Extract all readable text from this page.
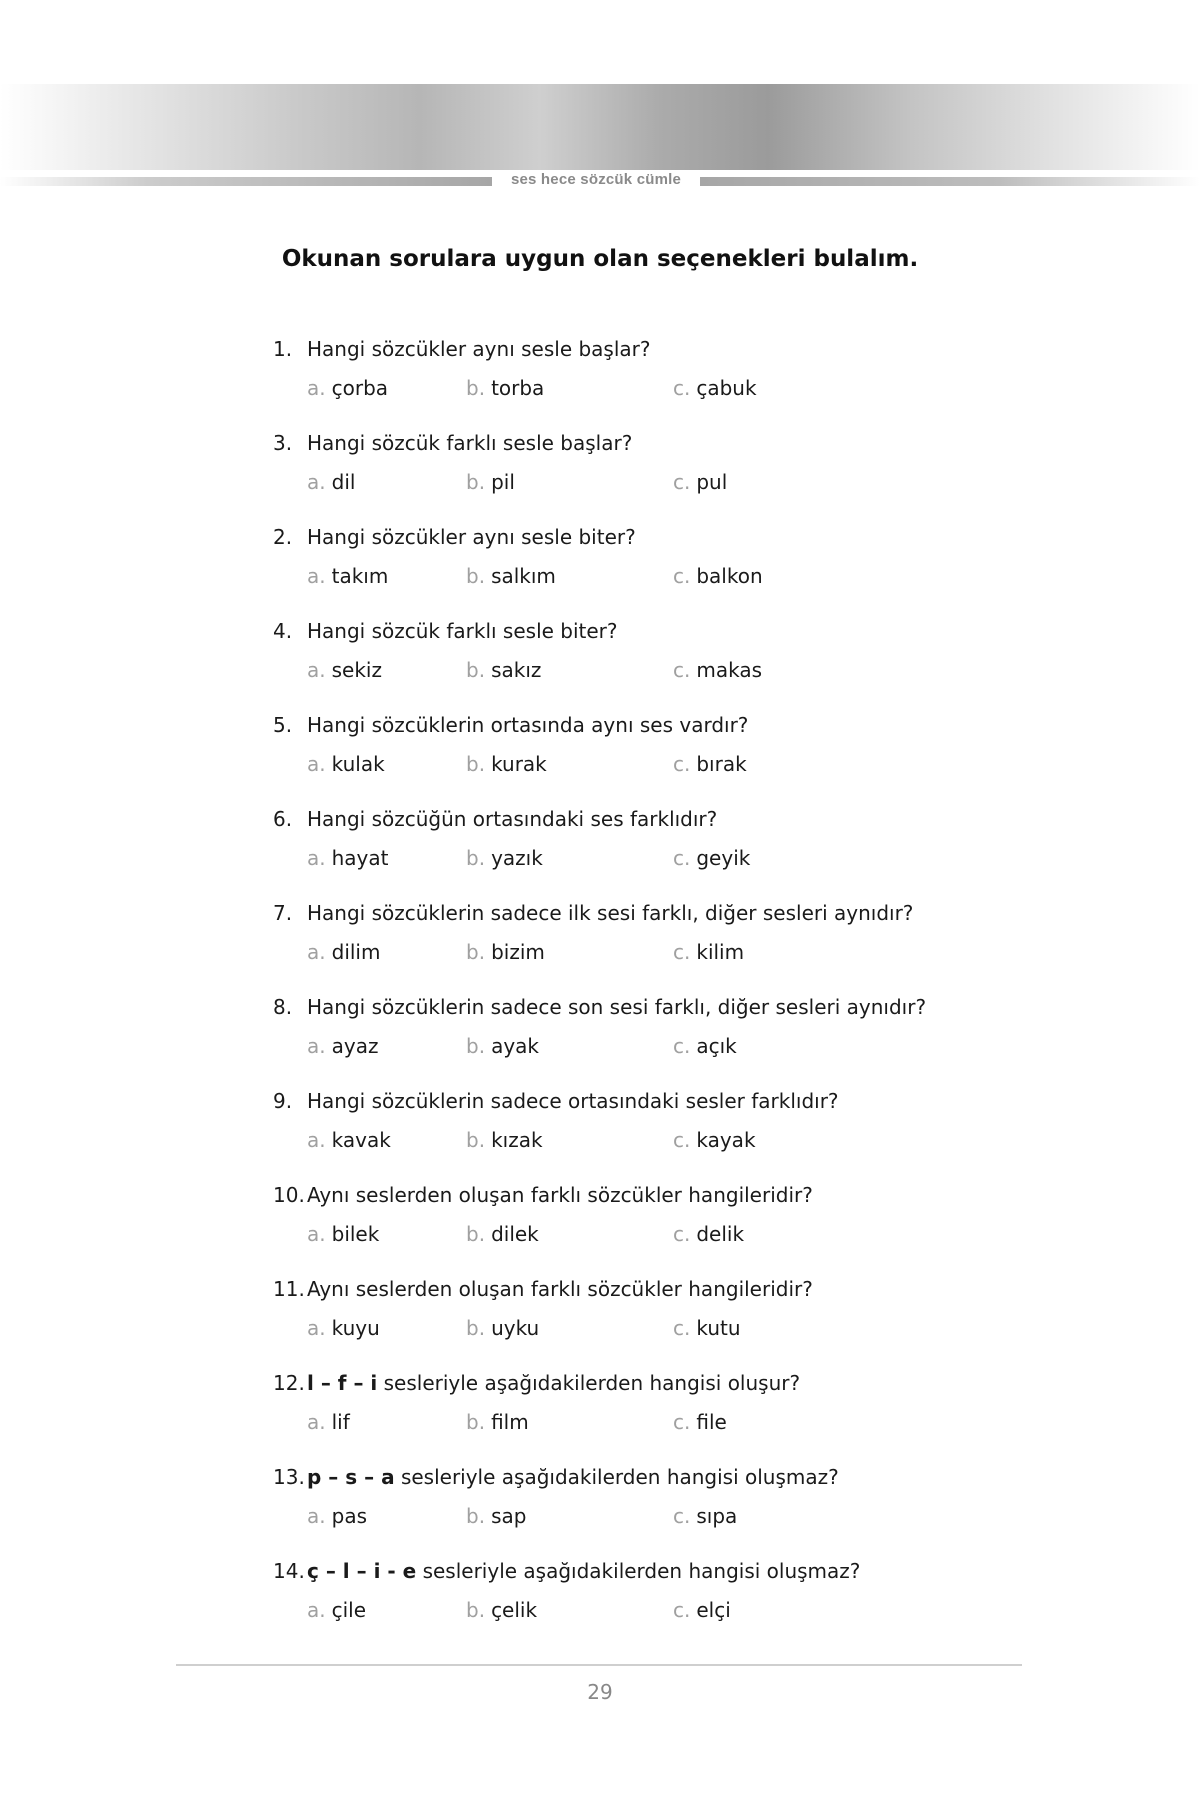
ses hece sözcük cümle
Okunan sorulara uygun olan seçenekleri bulalım.
1. Hangi sözcükler aynı sesle başlar?
a. çorba	b. torba	c. çabuk
3. Hangi sözcük farklı sesle başlar?
a. dil	b. pil	c. pul
2. Hangi sözcükler aynı sesle biter?
a. takım	b. salkım	c. balkon
4. Hangi sözcük farklı sesle biter?
a. sekiz	b. sakız	c. makas
5. Hangi sözcüklerin ortasında aynı ses vardır?
a. kulak	b. kurak	c. bırak
6. Hangi sözcüğün ortasındaki ses farklıdır?
a. hayat	b. yazık	c. geyik
7. Hangi sözcüklerin sadece ilk sesi farklı, diğer sesleri aynıdır?
a. dilim	b. bizim	c. kilim
8. Hangi sözcüklerin sadece son sesi farklı, diğer sesleri aynıdır?
a. ayaz	b. ayak	c. açık
9. Hangi sözcüklerin sadece ortasındaki sesler farklıdır?
a. kavak	b. kızak	c. kayak
10. Aynı seslerden oluşan farklı sözcükler hangileridir?
a. bilek	b. dilek	c. delik
11. Aynı seslerden oluşan farklı sözcükler hangileridir?
a. kuyu	b. uyku	c. kutu
12. l – f – i sesleriyle aşağıdakilerden hangisi oluşur?
a. lif	b. film	c. file
13. p – s – a sesleriyle aşağıdakilerden hangisi oluşmaz?
a. pas	b. sap	c. sıpa
14. ç – l – i - e sesleriyle aşağıdakilerden hangisi oluşmaz?
a. çile	b. çelik	c. elçi
29
